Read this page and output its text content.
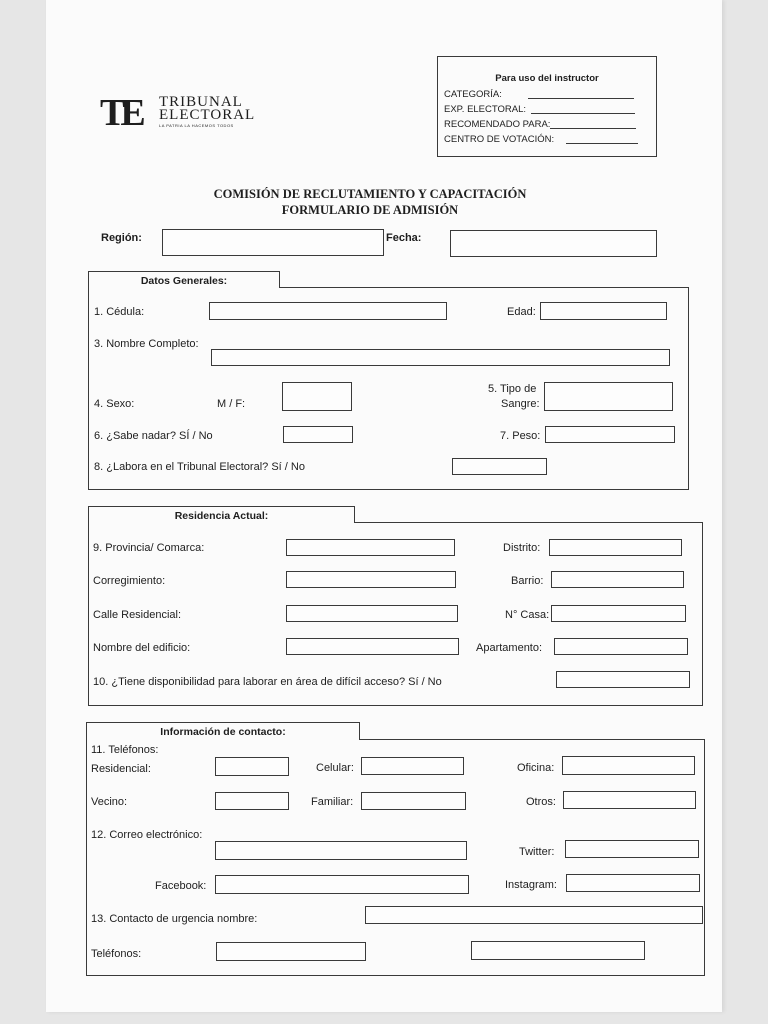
Para uso del instructor
CATEGORÍA:
EXP. ELECTORAL:
RECOMENDADO PARA:
CENTRO DE VOTACIÓN:
TE TRIBUNAL
ELECTORAL
LA PATRIA LA HACEMOS TODOS
COMISIÓN DE RECLUTAMIENTO Y CAPACITACIÓN
FORMULARIO DE ADMISIÓN
Región:	Fecha:
Datos Generales:
1. Cédula:	Edad:
3. Nombre Completo:
4. Sexo:	M / F:
5. Tipo de
Sangre:
6. ¿Sabe nadar? SÍ / No	7. Peso:
8. ¿Labora en el Tribunal Electoral? Sí / No
Residencia Actual:
9. Provincia/ Comarca:	Distrito:
Corregimiento:	Barrio:
Calle Residencial:	N° Casa:
Nombre del edificio:	Apartamento:
10. ¿Tiene disponibilidad para laborar en área de difícil acceso? Sí / No
Información de contacto:
11. Teléfonos:
Residencial:	Celular:	Oficina:
Vecino:	Familiar:	Otros:
12. Correo electrónico:
Twitter:
Facebook:	Instagram:
13. Contacto de urgencia nombre:
Teléfonos:
